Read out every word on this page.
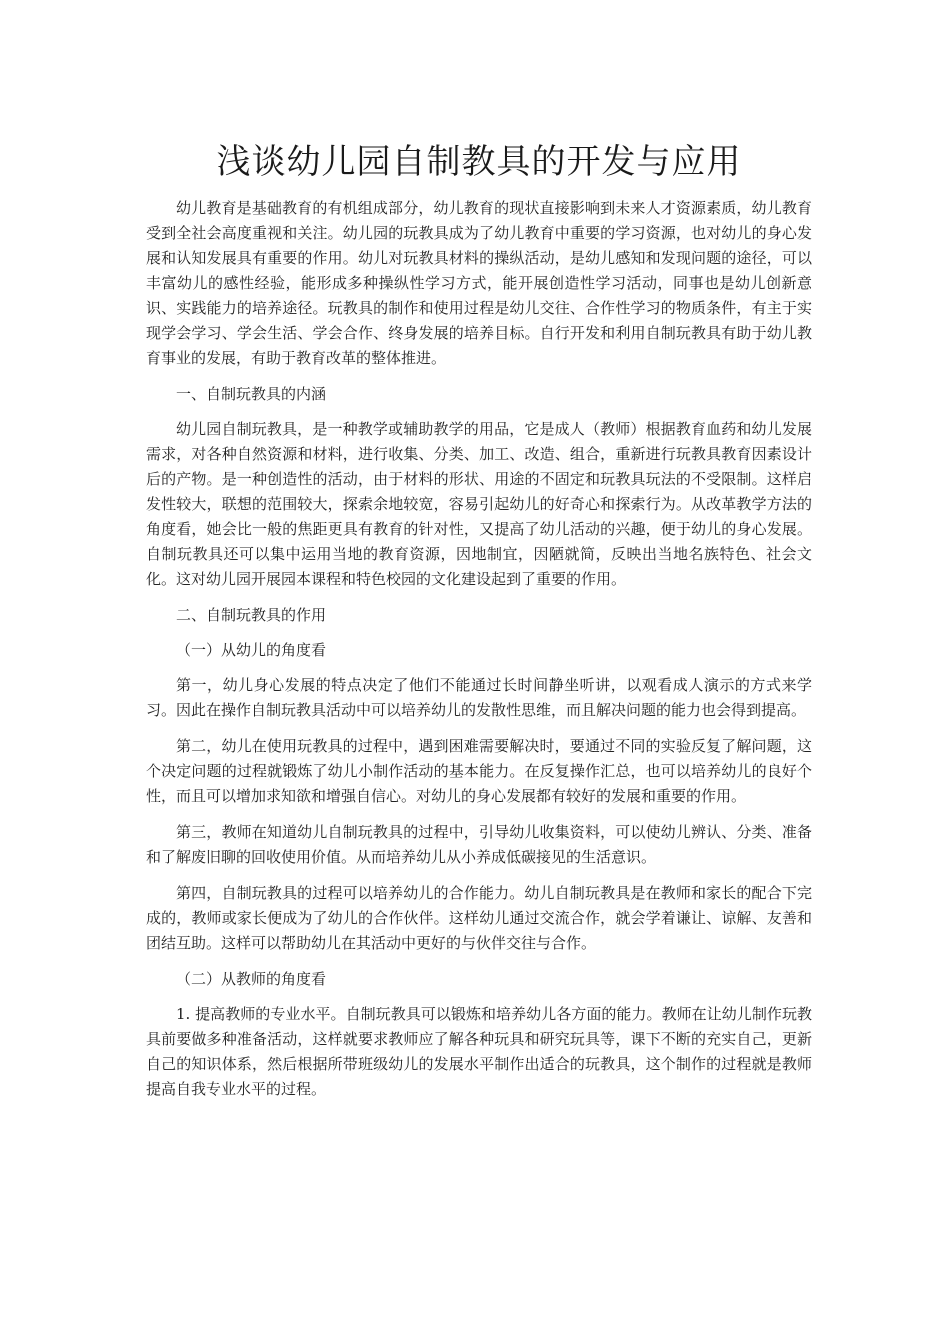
浅谈幼儿园自制教具的开发与应用

幼儿教育是基础教育的有机组成部分，幼儿教育的现状直接影响到未来人才资源素质，幼儿教育受到全社会高度重视和关注。幼儿园的玩教具成为了幼儿教育中重要的学习资源，也对幼儿的身心发展和认知发展具有重要的作用。幼儿对玩教具材料的操纵活动，是幼儿感知和发现问题的途径，可以丰富幼儿的感性经验，能形成多种操纵性学习方式，能开展创造性学习活动，同事也是幼儿创新意识、实践能力的培养途径。玩教具的制作和使用过程是幼儿交往、合作性学习的物质条件，有主于实现学会学习、学会生活、学会合作、终身发展的培养目标。自行开发和利用自制玩教具有助于幼儿教育事业的发展，有助于教育改革的整体推进。

一、自制玩教具的内涵

幼儿园自制玩教具，是一种教学或辅助教学的用品，它是成人（教师）根据教育血药和幼儿发展需求，对各种自然资源和材料，进行收集、分类、加工、改造、组合，重新进行玩教具教育因素设计后的产物。是一种创造性的活动，由于材料的形状、用途的不固定和玩教具玩法的不受限制。这样启发性较大，联想的范围较大，探索余地较宽，容易引起幼儿的好奇心和探索行为。从改革教学方法的角度看，她会比一般的焦距更具有教育的针对性，又提高了幼儿活动的兴趣，便于幼儿的身心发展。自制玩教具还可以集中运用当地的教育资源，因地制宜，因陋就简，反映出当地名族特色、社会文化。这对幼儿园开展园本课程和特色校园的文化建设起到了重要的作用。

二、自制玩教具的作用

（一）从幼儿的角度看

第一，幼儿身心发展的特点决定了他们不能通过长时间静坐听讲，以观看成人演示的方式来学习。因此在操作自制玩教具活动中可以培养幼儿的发散性思维，而且解决问题的能力也会得到提高。

第二，幼儿在使用玩教具的过程中，遇到困难需要解决时，要通过不同的实验反复了解问题，这个决定问题的过程就锻炼了幼儿小制作活动的基本能力。在反复操作汇总，也可以培养幼儿的良好个性，而且可以增加求知欲和增强自信心。对幼儿的身心发展都有较好的发展和重要的作用。

第三，教师在知道幼儿自制玩教具的过程中，引导幼儿收集资料，可以使幼儿辨认、分类、准备和了解废旧聊的回收使用价值。从而培养幼儿从小养成低碳接见的生活意识。

第四，自制玩教具的过程可以培养幼儿的合作能力。幼儿自制玩教具是在教师和家长的配合下完成的，教师或家长便成为了幼儿的合作伙伴。这样幼儿通过交流合作，就会学着谦让、谅解、友善和团结互助。这样可以帮助幼儿在其活动中更好的与伙伴交往与合作。

（二）从教师的角度看

1. 提高教师的专业水平。自制玩教具可以锻炼和培养幼儿各方面的能力。教师在让幼儿制作玩教具前要做多种准备活动，这样就要求教师应了解各种玩具和研究玩具等，课下不断的充实自己，更新自己的知识体系，然后根据所带班级幼儿的发展水平制作出适合的玩教具，这个制作的过程就是教师提高自我专业水平的过程。
